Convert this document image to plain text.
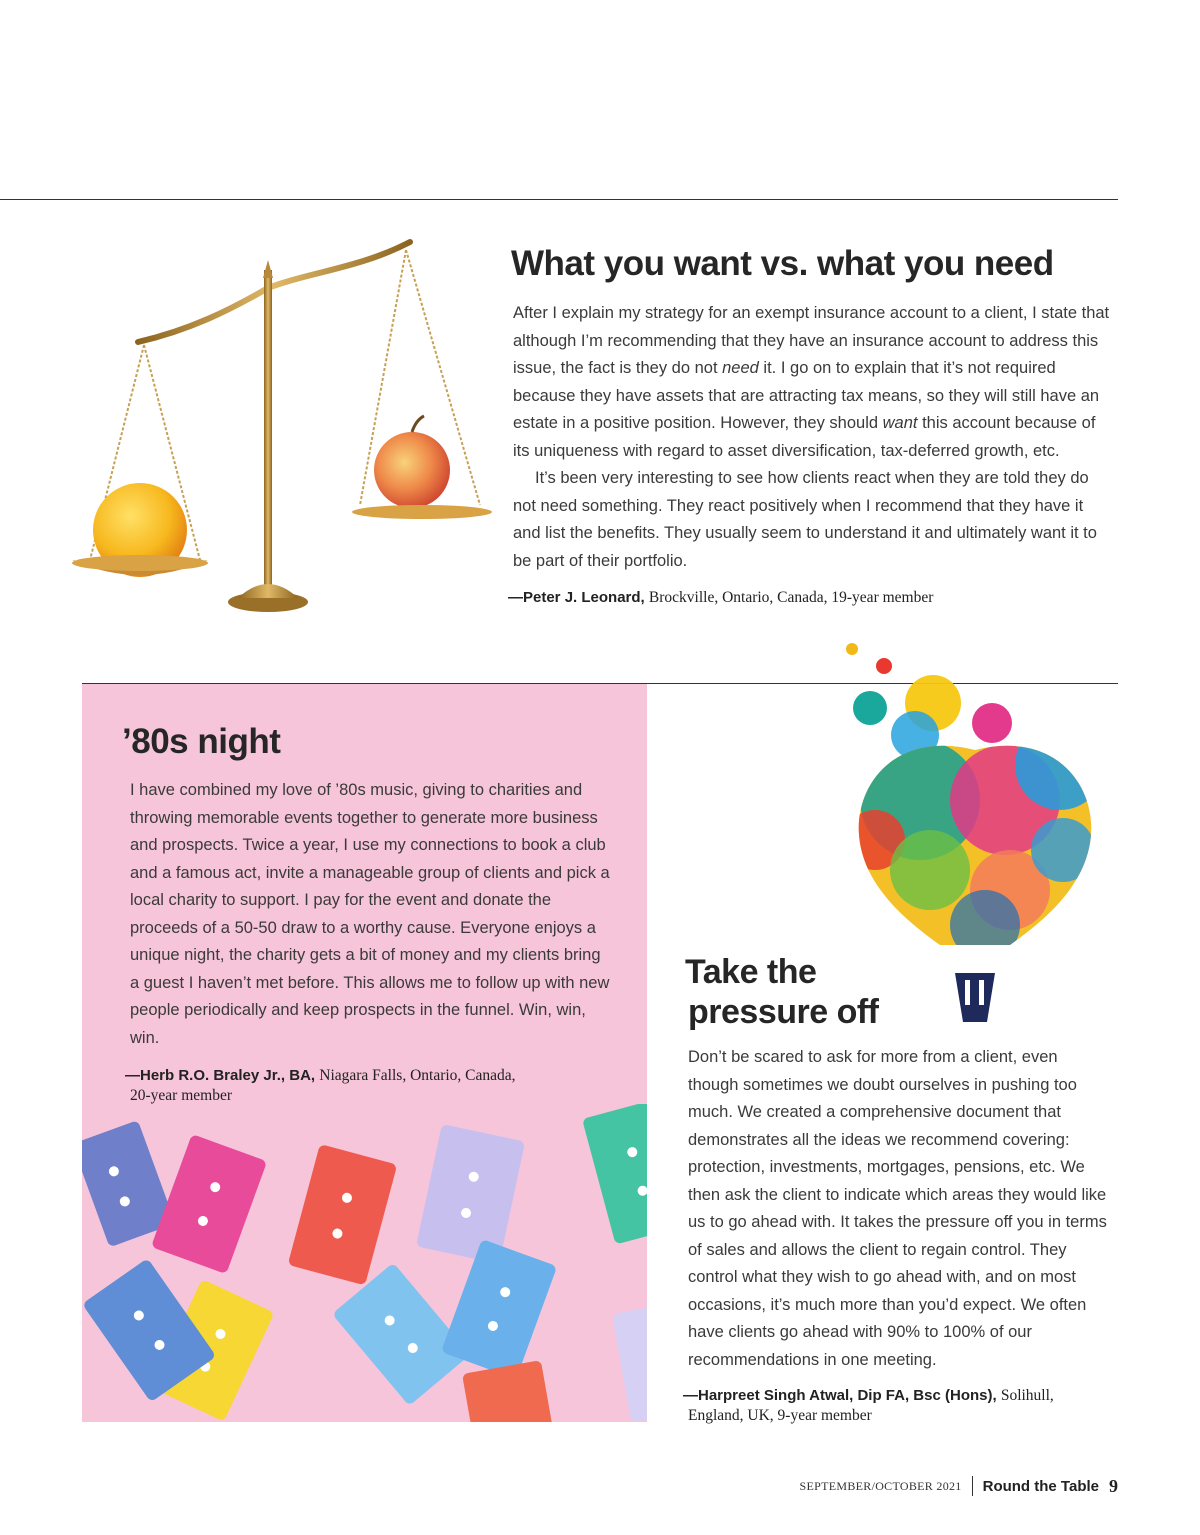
What you want vs. what you need

After I explain my strategy for an exempt insurance account to a client, I state that although I’m recommending that they have an insurance account to address this issue, the fact is they do not need it. I go on to explain that it’s not required because they have assets that are attracting tax means, so they will still have an estate in a positive position. However, they should want this account because of its uniqueness with regard to asset diversification, tax-deferred growth, etc.

It’s been very interesting to see how clients react when they are told they do not need something. They react positively when I recommend that they have it and list the benefits. They usually seem to understand it and ultimately want it to be part of their portfolio.

—Peter J. Leonard, Brockville, Ontario, Canada, 19-year member
’80s night

I have combined my love of ’80s music, giving to charities and throwing memorable events together to generate more business and prospects. Twice a year, I use my connections to book a club and a famous act, invite a manageable group of clients and pick a local charity to support. I pay for the event and donate the proceeds of a 50-50 draw to a worthy cause. Everyone enjoys a unique night, the charity gets a bit of money and my clients bring a guest I haven’t met before. This allows me to follow up with new people periodically and keep prospects in the funnel. Win, win, win.

—Herb R.O. Braley Jr., BA, Niagara Falls, Ontario, Canada,
20-year member
Take the
pressure off

Don’t be scared to ask for more from a client, even though sometimes we doubt ourselves in pushing too much. We created a comprehensive document that demonstrates all the ideas we recommend covering: protection, investments, mortgages, pensions, etc. We then ask the client to indicate which areas they would like us to go ahead with. It takes the pressure off you in terms of sales and allows the client to regain control. They control what they wish to go ahead with, and on most occasions, it’s much more than you’d expect. We often have clients go ahead with 90% to 100% of our recommendations in one meeting.

—Harpreet Singh Atwal, Dip FA, Bsc (Hons), Solihull,
England, UK, 9-year member
SEPTEMBER/OCTOBER 2021 Round the Table 9
